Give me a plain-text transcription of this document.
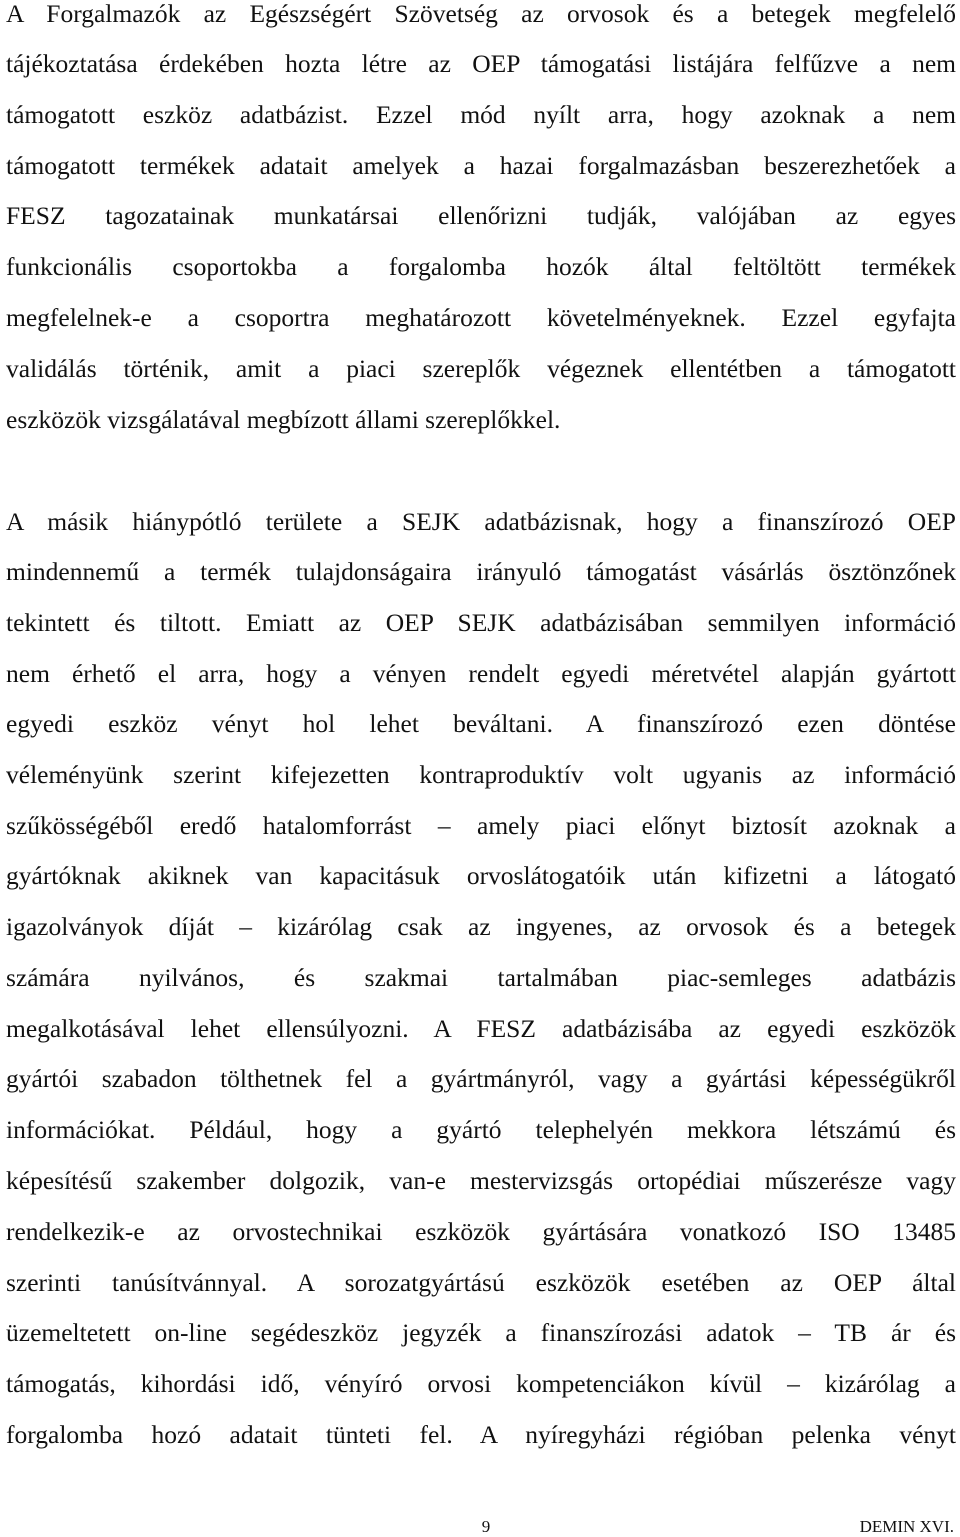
A Forgalmazók az Egészségért Szövetség az orvosok és a betegek megfelelő
tájékoztatása érdekében hozta létre az OEP támogatási listájára felfűzve a nem
támogatott eszköz adatbázist. Ezzel mód nyílt arra, hogy azoknak a nem
támogatott termékek adatait amelyek a hazai forgalmazásban beszerezhetőek a
FESZ tagozatainak munkatársai ellenőrizni tudják, valójában az egyes
funkcionális csoportokba a forgalomba hozók által feltöltött termékek
megfelelnek-e a csoportra meghatározott követelményeknek. Ezzel egyfajta
validálás történik, amit a piaci szereplők végeznek ellentétben a támogatott
eszközök vizsgálatával megbízott állami szereplőkkel.
A másik hiánypótló területe a SEJK adatbázisnak, hogy a finanszírozó OEP
mindennemű a termék tulajdonságaira irányuló támogatást vásárlás ösztönzőnek
tekintett és tiltott. Emiatt az OEP SEJK adatbázisában semmilyen információ
nem érhető el arra, hogy a vényen rendelt egyedi méretvétel alapján gyártott
egyedi eszköz vényt hol lehet beváltani. A finanszírozó ezen döntése
véleményünk szerint kifejezetten kontraproduktív volt ugyanis az információ
szűkösségéből eredő hatalomforrást – amely piaci előnyt biztosít azoknak a
gyártóknak akiknek van kapacitásuk orvoslátogatóik után kifizetni a látogató
igazolványok díját – kizárólag csak az ingyenes, az orvosok és a betegek
számára nyilvános, és szakmai tartalmában piac-semleges adatbázis
megalkotásával lehet ellensúlyozni. A FESZ adatbázisába az egyedi eszközök
gyártói szabadon tölthetnek fel a gyártmányról, vagy a gyártási képességükről
információkat. Például, hogy a gyártó telephelyén mekkora létszámú és
képesítésű szakember dolgozik, van-e mestervizsgás ortopédiai műszerésze vagy
rendelkezik-e az orvostechnikai eszközök gyártására vonatkozó ISO 13485
szerinti tanúsítvánnyal. A sorozatgyártású eszközök esetében az OEP által
üzemeltetett on-line segédeszköz jegyzék a finanszírozási adatok – TB ár és
támogatás, kihordási idő, vényíró orvosi kompetenciákon kívül – kizárólag a
forgalomba hozó adatait tünteti fel. A nyíregyházi régióban pelenka vényt
9	DEMIN XVI.
